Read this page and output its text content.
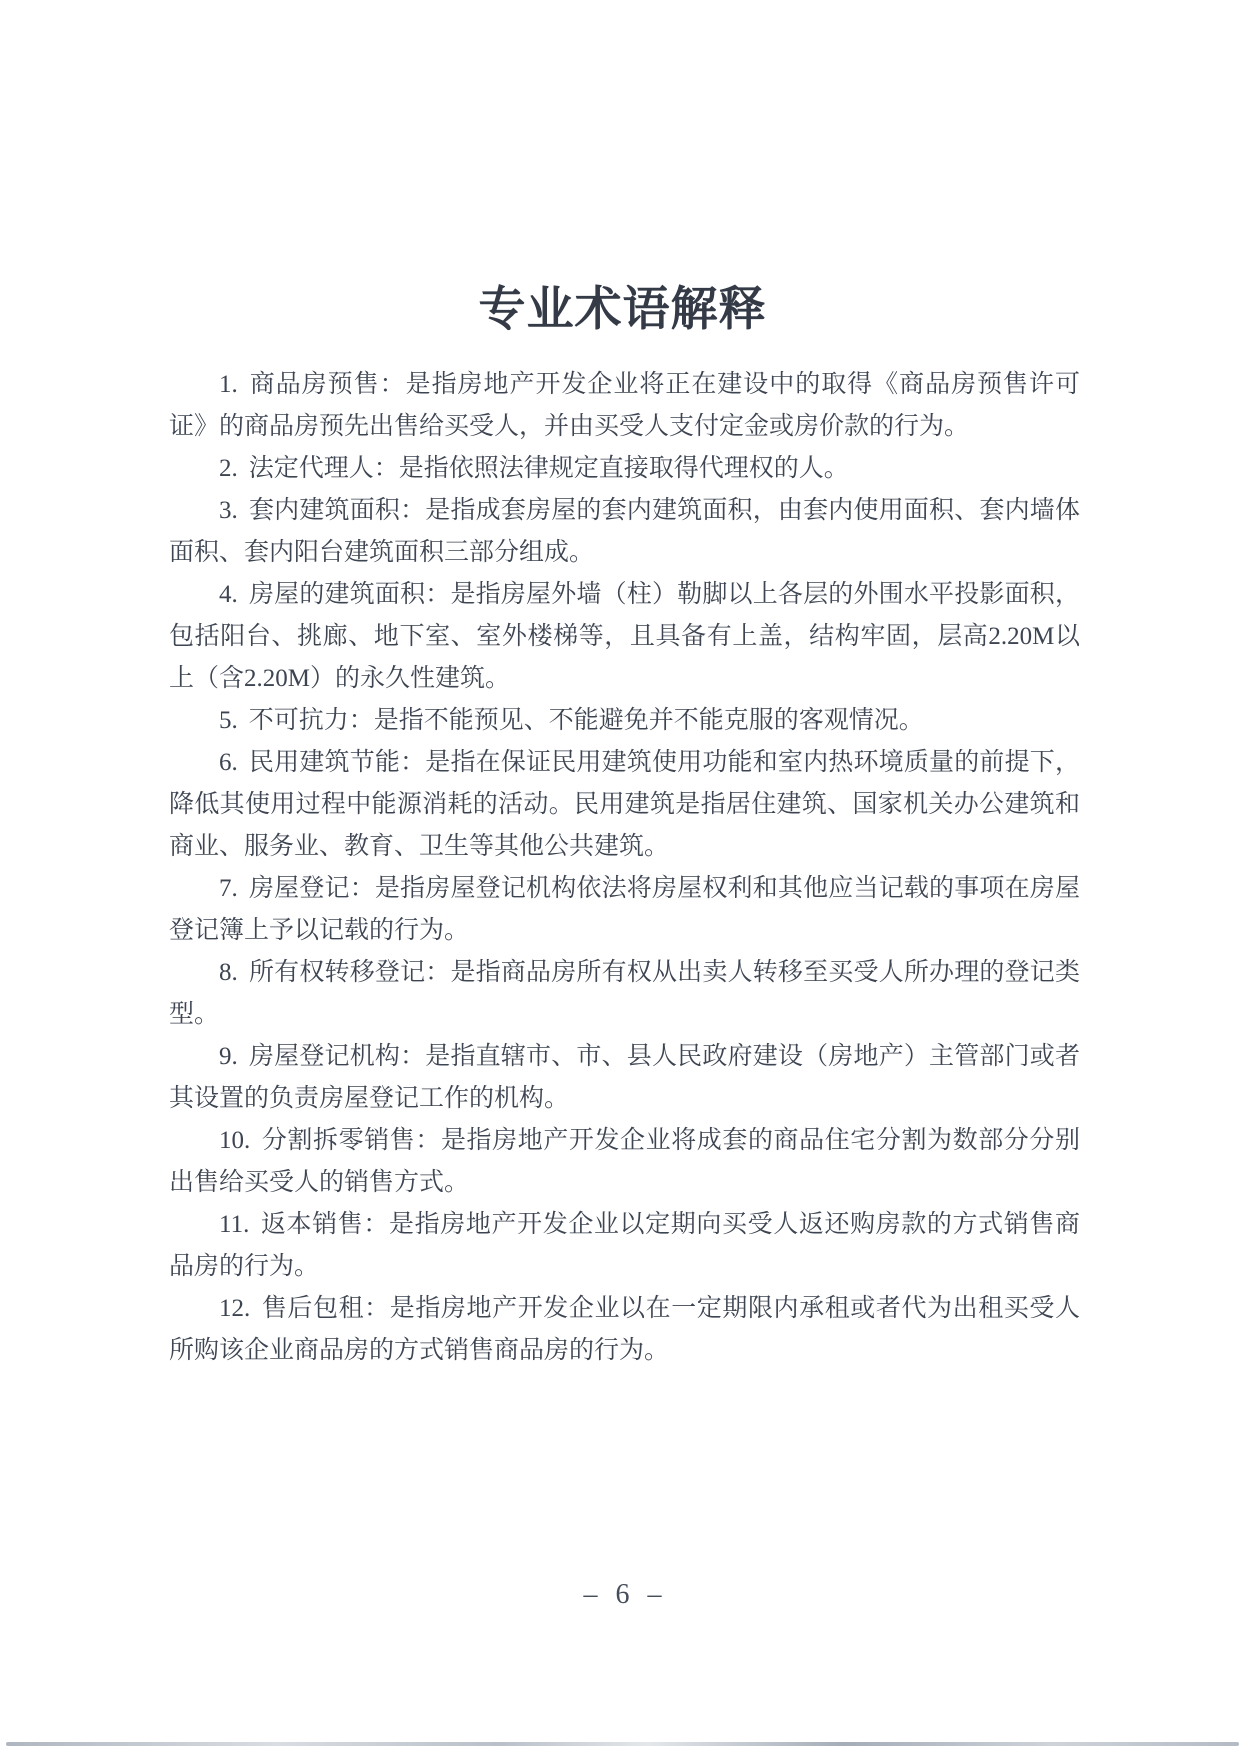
专业术语解释

1. 商品房预售：是指房地产开发企业将正在建设中的取得《商品房预售许可证》的商品房预先出售给买受人，并由买受人支付定金或房价款的行为。

2. 法定代理人：是指依照法律规定直接取得代理权的人。

3. 套内建筑面积：是指成套房屋的套内建筑面积，由套内使用面积、套内墙体面积、套内阳台建筑面积三部分组成。

4. 房屋的建筑面积：是指房屋外墙（柱）勒脚以上各层的外围水平投影面积，包括阳台、挑廊、地下室、室外楼梯等，且具备有上盖，结构牢固，层高2.20M以上（含2.20M）的永久性建筑。

5. 不可抗力：是指不能预见、不能避免并不能克服的客观情况。

6. 民用建筑节能：是指在保证民用建筑使用功能和室内热环境质量的前提下，降低其使用过程中能源消耗的活动。民用建筑是指居住建筑、国家机关办公建筑和商业、服务业、教育、卫生等其他公共建筑。

7. 房屋登记：是指房屋登记机构依法将房屋权利和其他应当记载的事项在房屋登记簿上予以记载的行为。

8. 所有权转移登记：是指商品房所有权从出卖人转移至买受人所办理的登记类型。

9. 房屋登记机构：是指直辖市、市、县人民政府建设（房地产）主管部门或者其设置的负责房屋登记工作的机构。

10. 分割拆零销售：是指房地产开发企业将成套的商品住宅分割为数部分分别出售给买受人的销售方式。

11. 返本销售：是指房地产开发企业以定期向买受人返还购房款的方式销售商品房的行为。

12. 售后包租：是指房地产开发企业以在一定期限内承租或者代为出租买受人所购该企业商品房的方式销售商品房的行为。

– 6 –
